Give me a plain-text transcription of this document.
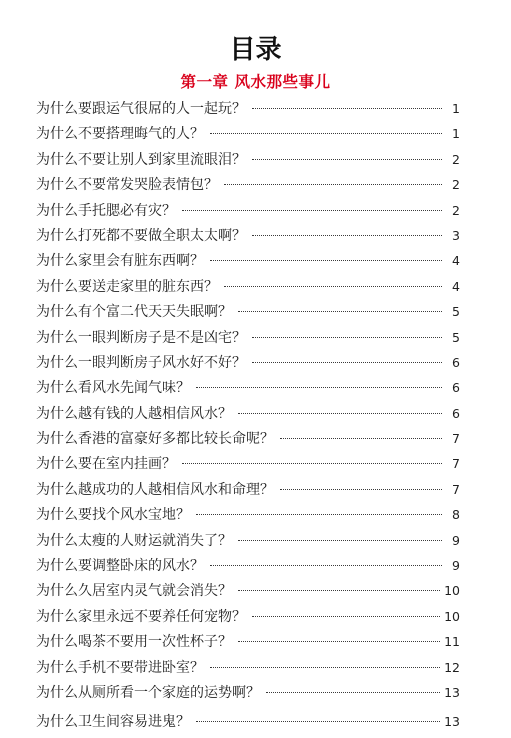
目录
第一章 风水那些事儿
为什么要跟运气很屌的人一起玩？	1
为什么不要搭理晦气的人？	1
为什么不要让别人到家里流眼泪？	2
为什么不要常发哭脸表情包？	2
为什么手托腮必有灾？	2
为什么打死都不要做全职太太啊？	3
为什么家里会有脏东西啊？	4
为什么要送走家里的脏东西？	4
为什么有个富二代天天失眠啊？	5
为什么一眼判断房子是不是凶宅？	5
为什么一眼判断房子风水好不好？	6
为什么看风水先闻气味？	6
为什么越有钱的人越相信风水？	6
为什么香港的富豪好多都比较长命呢？	7
为什么要在室内挂画？	7
为什么越成功的人越相信风水和命理？	7
为什么要找个风水宝地？	8
为什么太瘦的人财运就消失了？	9
为什么要调整卧床的风水？	9
为什么久居室内灵气就会消失？	10
为什么家里永远不要养任何宠物？	10
为什么喝茶不要用一次性杯子？	11
为什么手机不要带进卧室？	12
为什么从厕所看一个家庭的运势啊？	13
为什么卫生间容易进鬼？	13
